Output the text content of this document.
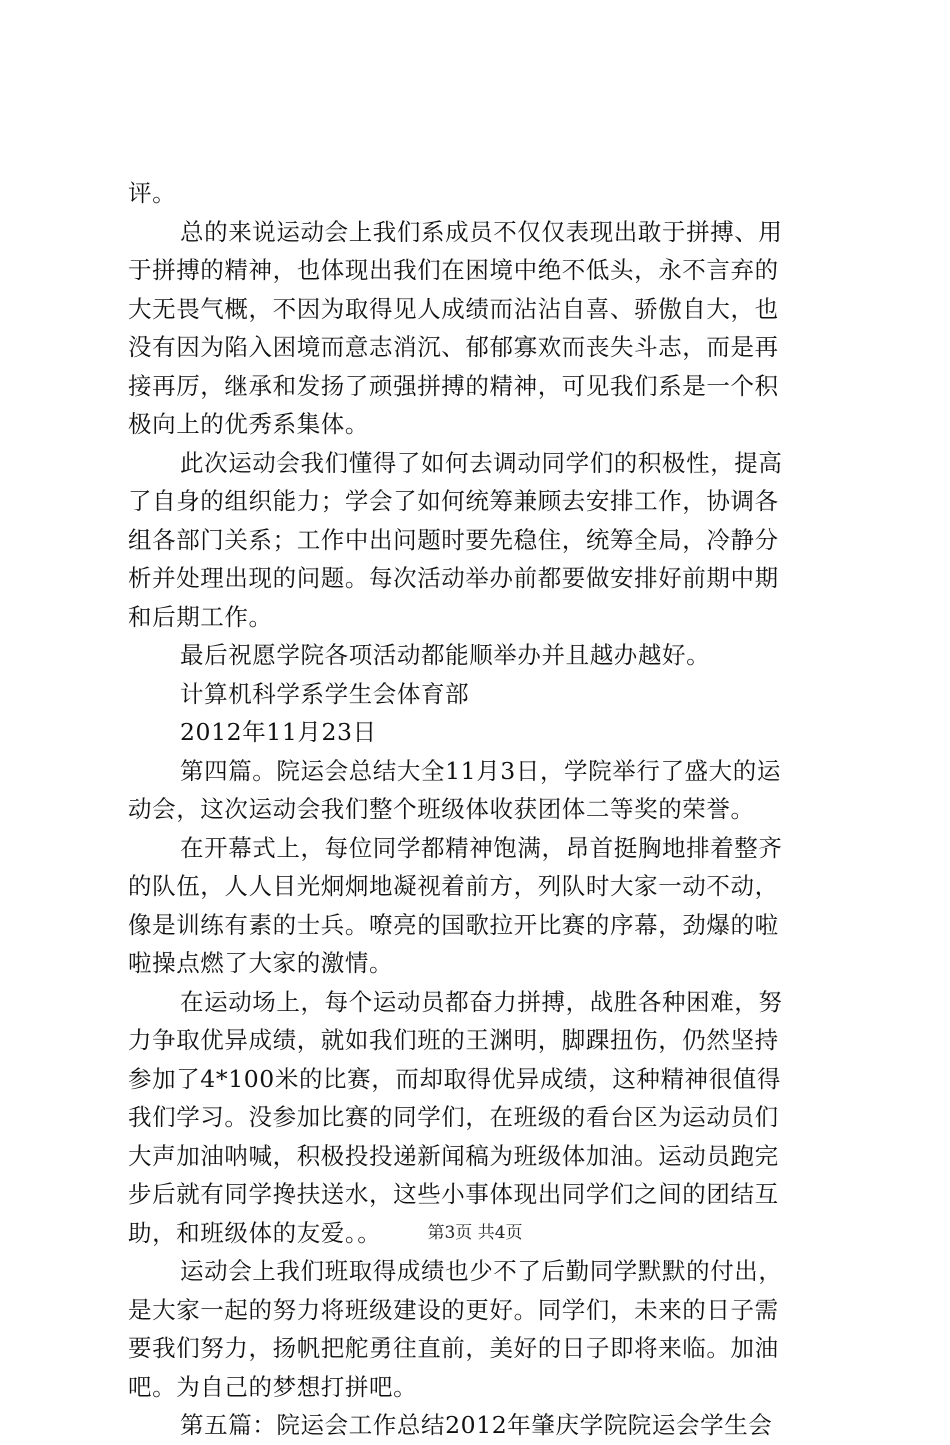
评。
总的来说运动会上我们系成员不仅仅表现出敢于拼搏、用
于拼搏的精神，也体现出我们在困境中绝不低头，永不言弃的
大无畏气概，不因为取得见人成绩而沾沾自喜、骄傲自大，也
没有因为陷入困境而意志消沉、郁郁寡欢而丧失斗志，而是再
接再厉，继承和发扬了顽强拼搏的精神，可见我们系是一个积
极向上的优秀系集体。
此次运动会我们懂得了如何去调动同学们的积极性，提高
了自身的组织能力；学会了如何统筹兼顾去安排工作，协调各
组各部门关系；工作中出问题时要先稳住，统筹全局，冷静分
析并处理出现的问题。每次活动举办前都要做安排好前期中期
和后期工作。
最后祝愿学院各项活动都能顺举办并且越办越好。
计算机科学系学生会体育部
2012年11月23日
第四篇。院运会总结大全11月3日，学院举行了盛大的运
动会，这次运动会我们整个班级体收获团体二等奖的荣誉。
在开幕式上，每位同学都精神饱满，昂首挺胸地排着整齐
的队伍，人人目光炯炯地凝视着前方，列队时大家一动不动，
像是训练有素的士兵。嘹亮的国歌拉开比赛的序幕，劲爆的啦
啦操点燃了大家的激情。
在运动场上，每个运动员都奋力拼搏，战胜各种困难，努
力争取优异成绩，就如我们班的王渊明，脚踝扭伤，仍然坚持
参加了4*100米的比赛，而却取得优异成绩，这种精神很值得
我们学习。没参加比赛的同学们，在班级的看台区为运动员们
大声加油呐喊，积极投投递新闻稿为班级体加油。运动员跑完
步后就有同学搀扶送水，这些小事体现出同学们之间的团结互
助，和班级体的友爱。。
运动会上我们班取得成绩也少不了后勤同学默默的付出，
是大家一起的努力将班级建设的更好。同学们，未来的日子需
要我们努力，扬帆把舵勇往直前，美好的日子即将来临。加油
吧。为自己的梦想打拼吧。
第五篇：院运会工作总结2012年肇庆学院院运会学生会
第3页 共4页
